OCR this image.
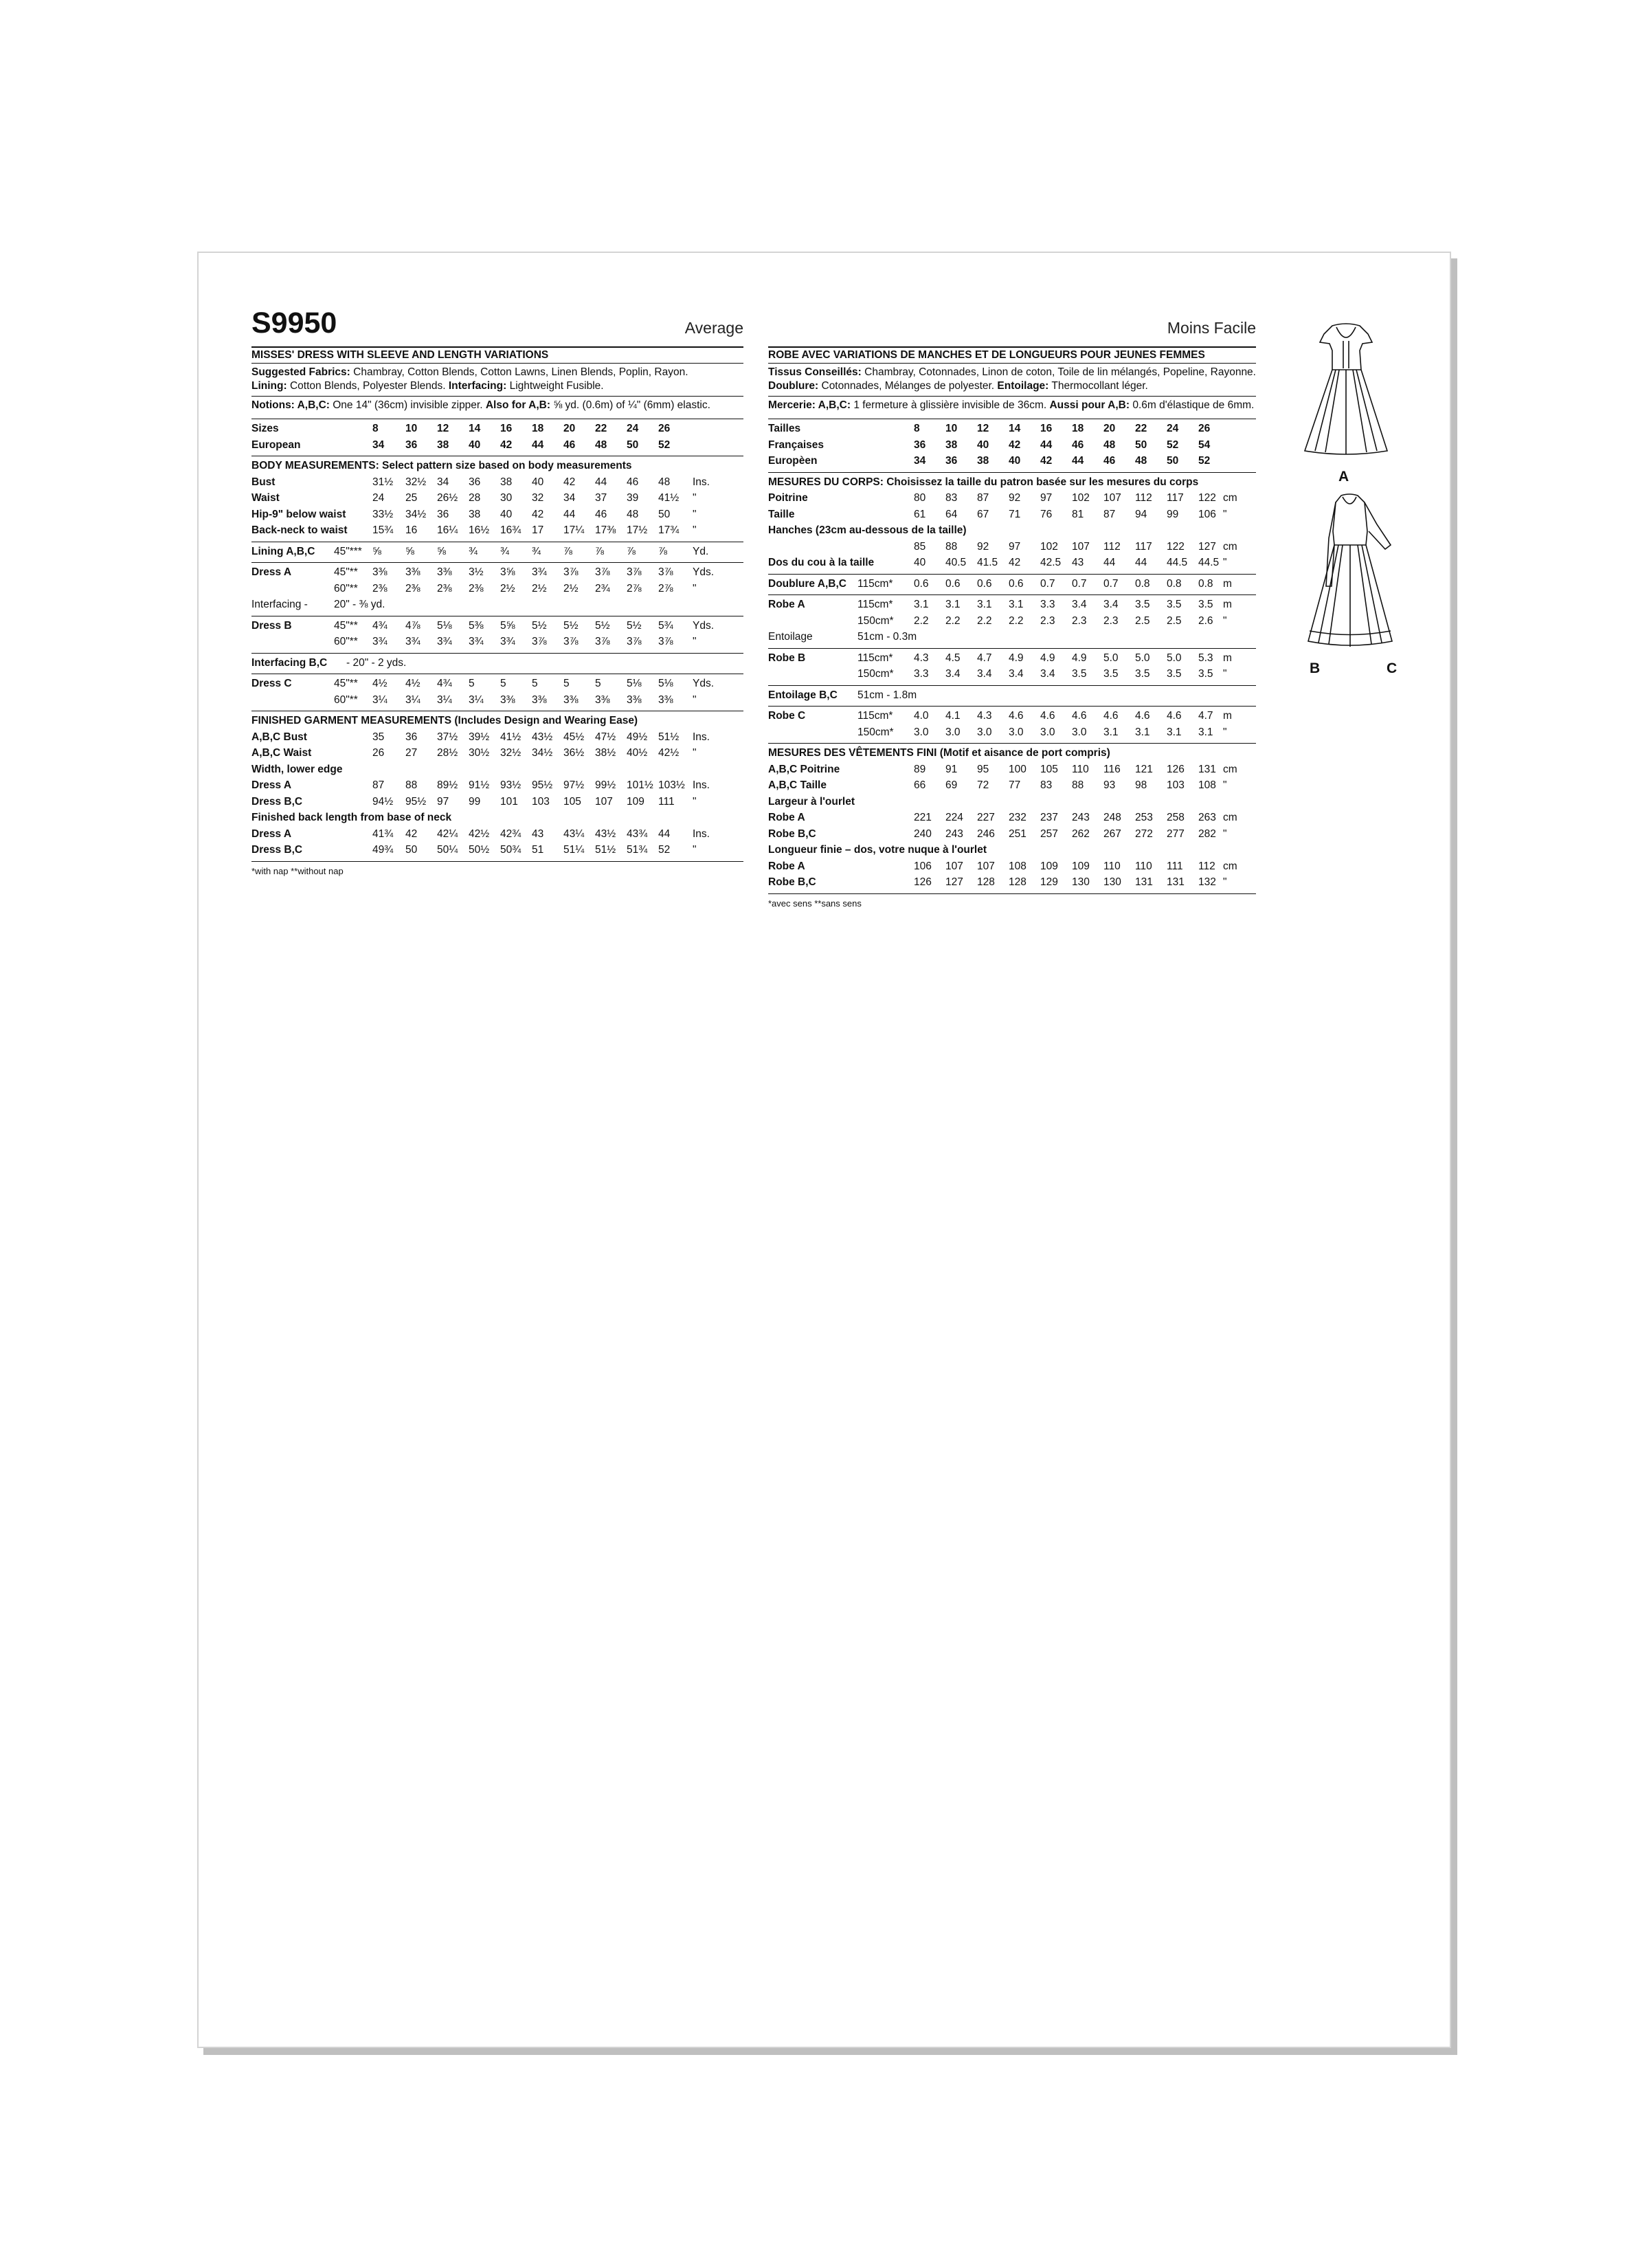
S9950	Average
MISSES' DRESS WITH SLEEVE AND LENGTH VARIATIONS
Suggested Fabrics: Chambray, Cotton Blends, Cotton Lawns, Linen Blends, Poplin, Rayon.
Lining: Cotton Blends, Polyester Blends. Interfacing: Lightweight Fusible.
Notions: A,B,C: One 14" (36cm) invisible zipper. Also for A,B: ⅝ yd. (0.6m) of ¼" (6mm) elastic.
Sizes	8	10 12 14 16 18 20 22 24 26
European	34 36 38 40 42 44 46 48 50 52
BODY MEASUREMENTS: Select pattern size based on body measurements
Bust	31½ 32½ 34 36 38 40 42 44 46 48 Ins.
Waist	24 25 26½ 28 30 32 34 37 39 41½ "
Hip-9" below waist 33½ 34½ 36 38 40 42 44 46 48 50 "
Back-neck to waist 15¾ 16 16¼ 16½ 16¾ 17 17¼ 17⅜ 17½ 17¾ "
Lining A,B,C 45"*** ⅝ ⅝ ⅝ ¾ ¾ ¾ ⅞ ⅞ ⅞ ⅞ Yd.
Dress A	45"** 3⅜ 3⅜ 3⅜ 3½ 3⅝ 3¾ 3⅞ 3⅞ 3⅞ 3⅞ Yds.
60"** 2⅜ 2⅜ 2⅜ 2⅜ 2½ 2½ 2½ 2¾ 2⅞ 2⅞ "
Interfacing - 20" - ⅜ yd.
Dress B	45"** 4¾ 4⅞ 5⅛ 5⅜ 5⅝ 5½ 5½ 5½ 5½ 5¾ Yds.
60"** 3¾ 3¾ 3¾ 3¾ 3¾ 3⅞ 3⅞ 3⅞ 3⅞ 3⅞ "
Interfacing B,C - 20" - 2 yds.
Dress C	45"** 4½ 4½ 4¾ 5 5 5 5 5 5⅛ 5⅛ Yds.
60"** 3¼ 3¼ 3¼ 3¼ 3⅜ 3⅜ 3⅜ 3⅜ 3⅜ 3⅜ "
FINISHED GARMENT MEASUREMENTS (Includes Design and Wearing Ease)
A,B,C Bust	35 36 37½ 39½ 41½ 43½ 45½ 47½ 49½ 51½ Ins.
A,B,C Waist	26 27 28½ 30½ 32½ 34½ 36½ 38½ 40½ 42½ "
Width, lower edge
Dress A	87 88 89½ 91½ 93½ 95½ 97½ 99½ 101½ 103½ Ins.
Dress B,C	94½ 95½ 97 99 101 103 105 107 109 111 "
Finished back length from base of neck
Dress A	41¾ 42 42¼ 42½ 42¾ 43 43¼ 43½ 43¾ 44 Ins.
Dress B,C	49¾ 50 50¼ 50½ 50¾ 51 51¼ 51½ 51¾ 52 "
*with nap **without nap
Moins Facile
ROBE AVEC VARIATIONS DE MANCHES ET DE LONGUEURS POUR JEUNES FEMMES
Tissus Conseillés: Chambray, Cotonnades, Linon de coton, Toile de lin mélangés, Popeline, Rayonne. Doublure: Cotonnades, Mélanges de polyester. Entoilage: Thermocollant léger.
Mercerie: A,B,C: 1 fermeture à glissière invisible de 36cm. Aussi pour A,B: 0.6m d'élastique de 6mm.
Tailles	8 10 12 14 16 18 20 22 24 26
Françaises	36 38 40 42 44 46 48 50 52 54
Europèen	34 36 38 40 42 44 46 48 50 52
MESURES DU CORPS: Choisissez la taille du patron basée sur les mesures du corps
Poitrine	80 83 87 92 97 102 107 112 117 122 cm
Taille	61 64 67 71 76 81 87 94 99 106 "
Hanches (23cm au-dessous de la taille)
85 88 92 97 102 107 112 117 122 127 cm
Dos du cou à la taille	40 40.5 41.5 42 42.5 43 44 44 44.5 44.5 "
Doublure A,B,C 115cm* 0.6 0.6 0.6 0.6 0.7 0.7 0.7 0.8 0.8 0.8 m
Robe A	115cm* 3.1 3.1 3.1 3.1 3.3 3.4 3.4 3.5 3.5 3.5 m
150cm* 2.2 2.2 2.2 2.2 2.3 2.3 2.3 2.5 2.5 2.6 "
Entoilage	51cm - 0.3m
Robe B	115cm* 4.3 4.5 4.7 4.9 4.9 4.9 5.0 5.0 5.0 5.3 m
150cm* 3.3 3.4 3.4 3.4 3.4 3.5 3.5 3.5 3.5 3.5 "
Entoilage B,C 51cm - 1.8m
Robe C	115cm* 4.0 4.1 4.3 4.6 4.6 4.6 4.6 4.6 4.6 4.7 m
150cm* 3.0 3.0 3.0 3.0 3.0 3.0 3.1 3.1 3.1 3.1 "
MESURES DES VÊTEMENTS FINI (Motif et aisance de port compris)
A,B,C Poitrine	89 91 95 100 105 110 116 121 126 131 cm
A,B,C Taille	66 69 72 77 83 88 93 98 103 108 "
Largeur à l'ourlet
Robe A	221 224 227 232 237 243 248 253 258 263 cm
Robe B,C	240 243 246 251 257 262 267 272 277 282 "
Longueur finie – dos, votre nuque à l'ourlet
Robe A	106 107 107 108 109 109 110 110 111 112 cm
Robe B,C	126 127 128 128 129 130 130 131 131 132 "
*avec sens **sans sens
A
B	C
